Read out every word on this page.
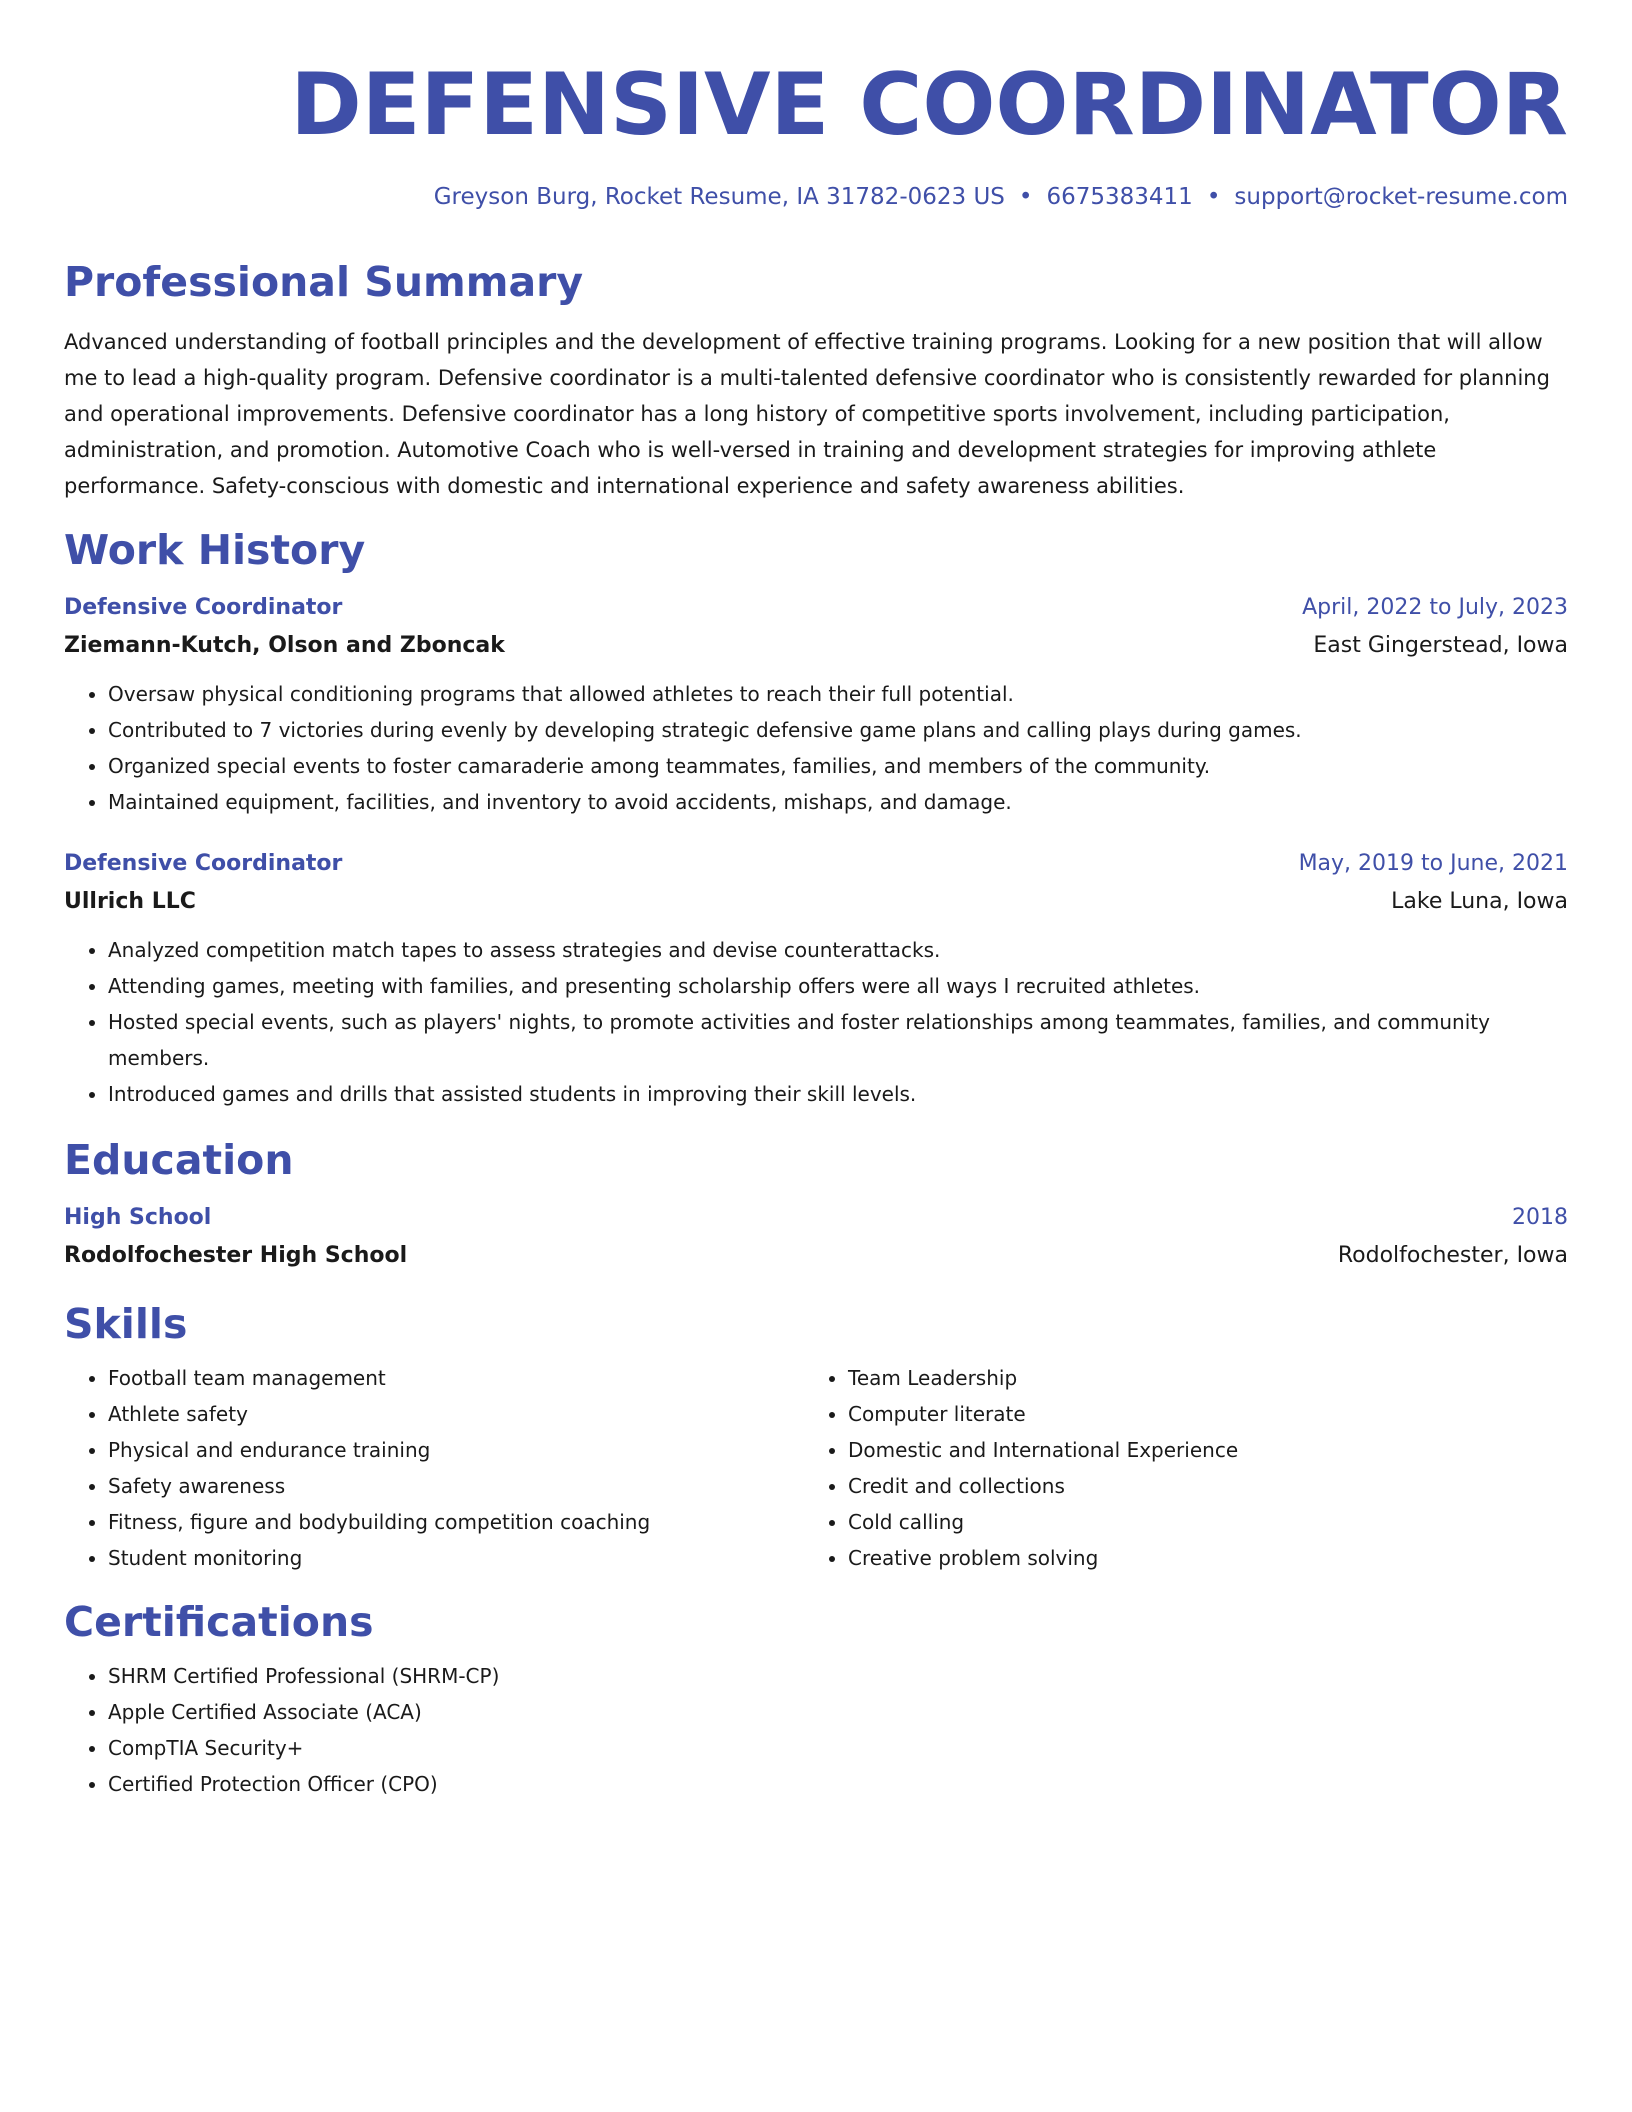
DEFENSIVE COORDINATOR
Greyson Burg, Rocket Resume, IA 31782-0623 US • 6675383411 • support@rocket-resume.com
Professional Summary
Advanced understanding of football principles and the development of effective training programs. Looking for a new position that will allow me to lead a high-quality program. Defensive coordinator is a multi-talented defensive coordinator who is consistently rewarded for planning and operational improvements. Defensive coordinator has a long history of competitive sports involvement, including participation, administration, and promotion. Automotive Coach who is well-versed in training and development strategies for improving athlete performance. Safety-conscious with domestic and international experience and safety awareness abilities.
Work History
Defensive Coordinator	April, 2022 to July, 2023
Ziemann-Kutch, Olson and Zboncak	East Gingerstead, Iowa
• Oversaw physical conditioning programs that allowed athletes to reach their full potential.
• Contributed to 7 victories during evenly by developing strategic defensive game plans and calling plays during games.
• Organized special events to foster camaraderie among teammates, families, and members of the community.
• Maintained equipment, facilities, and inventory to avoid accidents, mishaps, and damage.
Defensive Coordinator	May, 2019 to June, 2021
Ullrich LLC	Lake Luna, Iowa
• Analyzed competition match tapes to assess strategies and devise counterattacks.
• Attending games, meeting with families, and presenting scholarship offers were all ways I recruited athletes.
• Hosted special events, such as players' nights, to promote activities and foster relationships among teammates, families, and community members.
• Introduced games and drills that assisted students in improving their skill levels.
Education
High School	2018
Rodolfochester High School	Rodolfochester, Iowa
Skills
• Football team management
• Athlete safety
• Physical and endurance training
• Safety awareness
• Fitness, figure and bodybuilding competition coaching
• Student monitoring
• Team Leadership
• Computer literate
• Domestic and International Experience
• Credit and collections
• Cold calling
• Creative problem solving
Certifications
• SHRM Certified Professional (SHRM-CP)
• Apple Certified Associate (ACA)
• CompTIA Security+
• Certified Protection Officer (CPO)
